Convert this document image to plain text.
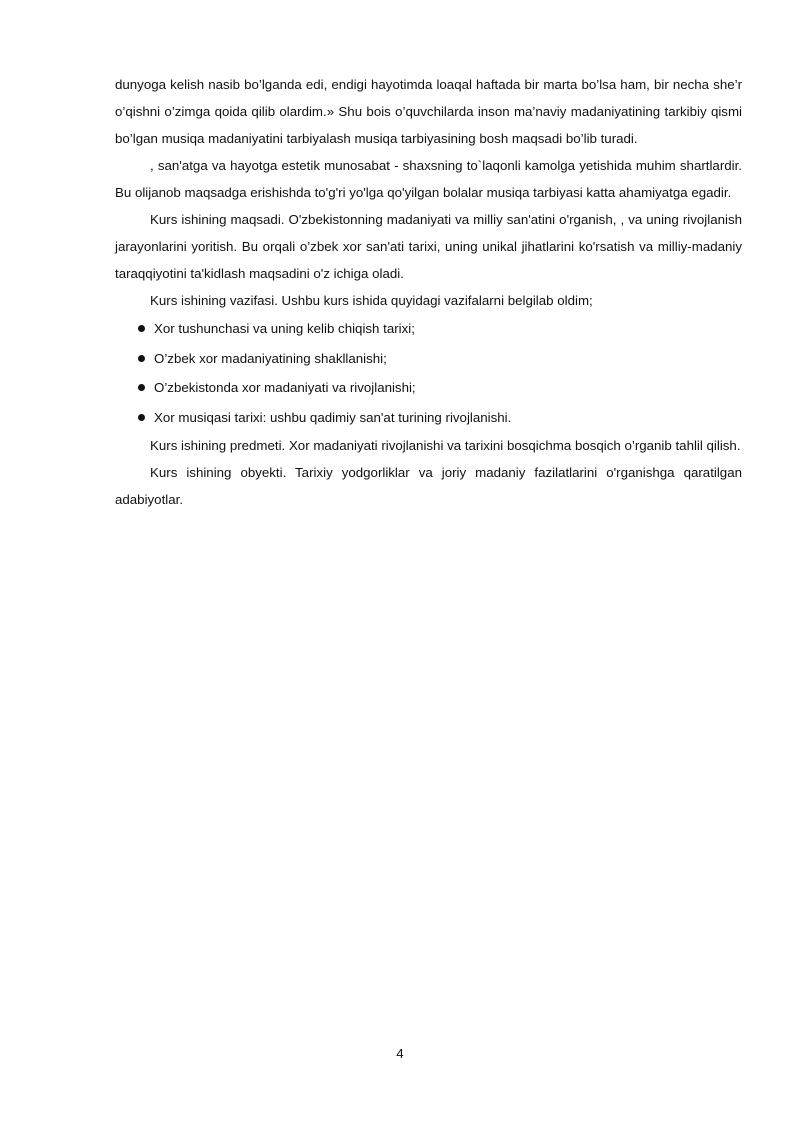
dunyoga kelish nasib bo’lganda edi, endigi hayotimda loaqal haftada bir marta bo’lsa ham, bir necha she’r o’qishni o’zimga qoida qilib olardim.» Shu bois o’quvchilarda inson ma’naviy madaniyatining tarkibiy qismi bo’lgan musiqa madaniyatini tarbiyalash musiqa tarbiyasining bosh maqsadi bo’lib turadi.

, san'atga va hayotga estetik munosabat - shaxsning to`laqonli kamolga yetishida muhim shartlardir. Bu olijanob maqsadga erishishda to'g'ri yo'lga qo'yilgan bolalar musiqa tarbiyasi katta ahamiyatga egadir.

Kurs ishining maqsadi. O'zbekistonning madaniyati va milliy san'atini o'rganish, , va uning rivojlanish jarayonlarini yoritish. Bu orqali o’zbek xor san'ati tarixi, uning unikal jihatlarini ko'rsatish va milliy-madaniy taraqqiyotini ta'kidlash maqsadini o'z ichiga oladi.

Kurs ishining vazifasi. Ushbu kurs ishida quyidagi vazifalarni belgilab oldim;

Xor tushunchasi va uning kelib chiqish tarixi;
O’zbek xor madaniyatining shakllanishi;
O’zbekistonda xor madaniyati va rivojlanishi;
Xor musiqasi tarixi: ushbu qadimiy san'at turining rivojlanishi.

Kurs ishining predmeti. Xor madaniyati rivojlanishi va tarixini bosqichma bosqich o’rganib tahlil qilish.

Kurs ishining obyekti. Tarixiy yodgorliklar va joriy madaniy fazilatlarini o'rganishga qaratilgan adabiyotlar.

4
